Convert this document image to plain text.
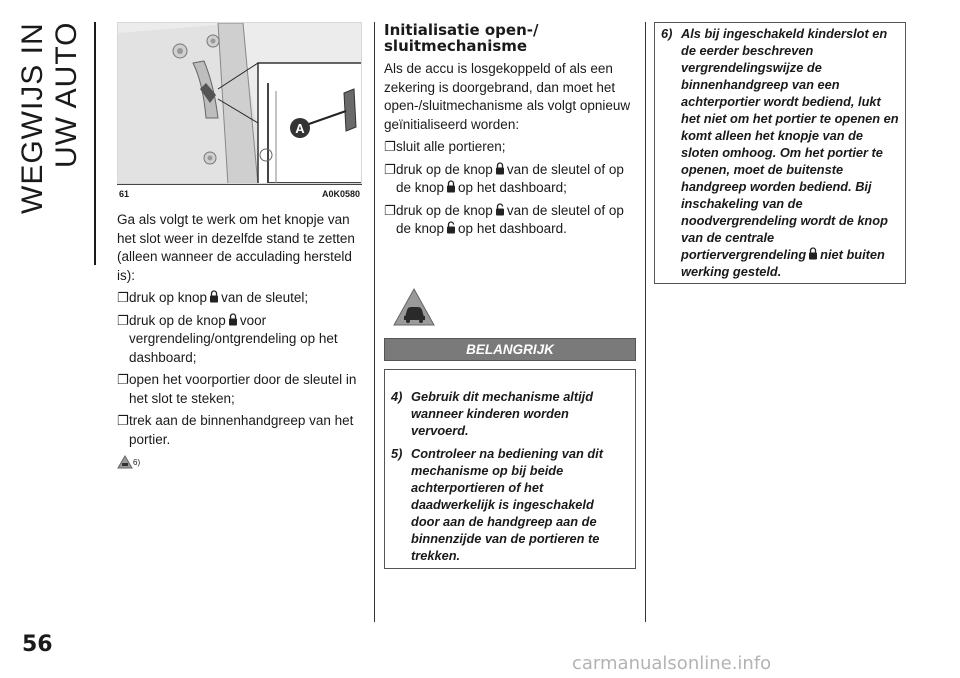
WEGWIJS IN UW AUTO	A
61	A0K0580

Ga als volgt te werk om het knopje van het slot weer in dezelfde stand te zetten (alleen wanneer de acculading hersteld is):

❐ druk op knop van de sleutel;
❐ druk op de knop voor vergrendeling/ontgrendeling op het dashboard;
❐ open het voorportier door de sleutel in het slot te steken;
❐ trek aan de binnenhandgreep van het portier.
6)
Initialisatie open-/ sluitmechanisme

Als de accu is losgekoppeld of als een zekering is doorgebrand, dan moet het open-/sluitmechanisme als volgt opnieuw geïnitialiseerd worden:

❐ sluit alle portieren;
❐ druk op de knop van de sleutel of op de knop op het dashboard;
❐ druk op de knop van de sleutel of op de knop op het dashboard.
BELANGRIJK
4) Gebruik dit mechanisme altijd wanneer kinderen worden vervoerd.
5) Controleer na bediening van dit mechanisme op bij beide achterportieren of het daadwerkelijk is ingeschakeld door aan de handgreep aan de binnenzijde van de portieren te trekken.
6) Als bij ingeschakeld kinderslot en de eerder beschreven vergrendelingswijze de binnenhandgreep van een achterportier wordt bediend, lukt het niet om het portier te openen en komt alleen het knopje van de sloten omhoog. Om het portier te openen, moet de buitenste handgreep worden bediend. Bij inschakeling van de noodvergrendeling wordt de knop van de centrale portiervergrendeling niet buiten werking gesteld.
56
carmanualsonline.info
